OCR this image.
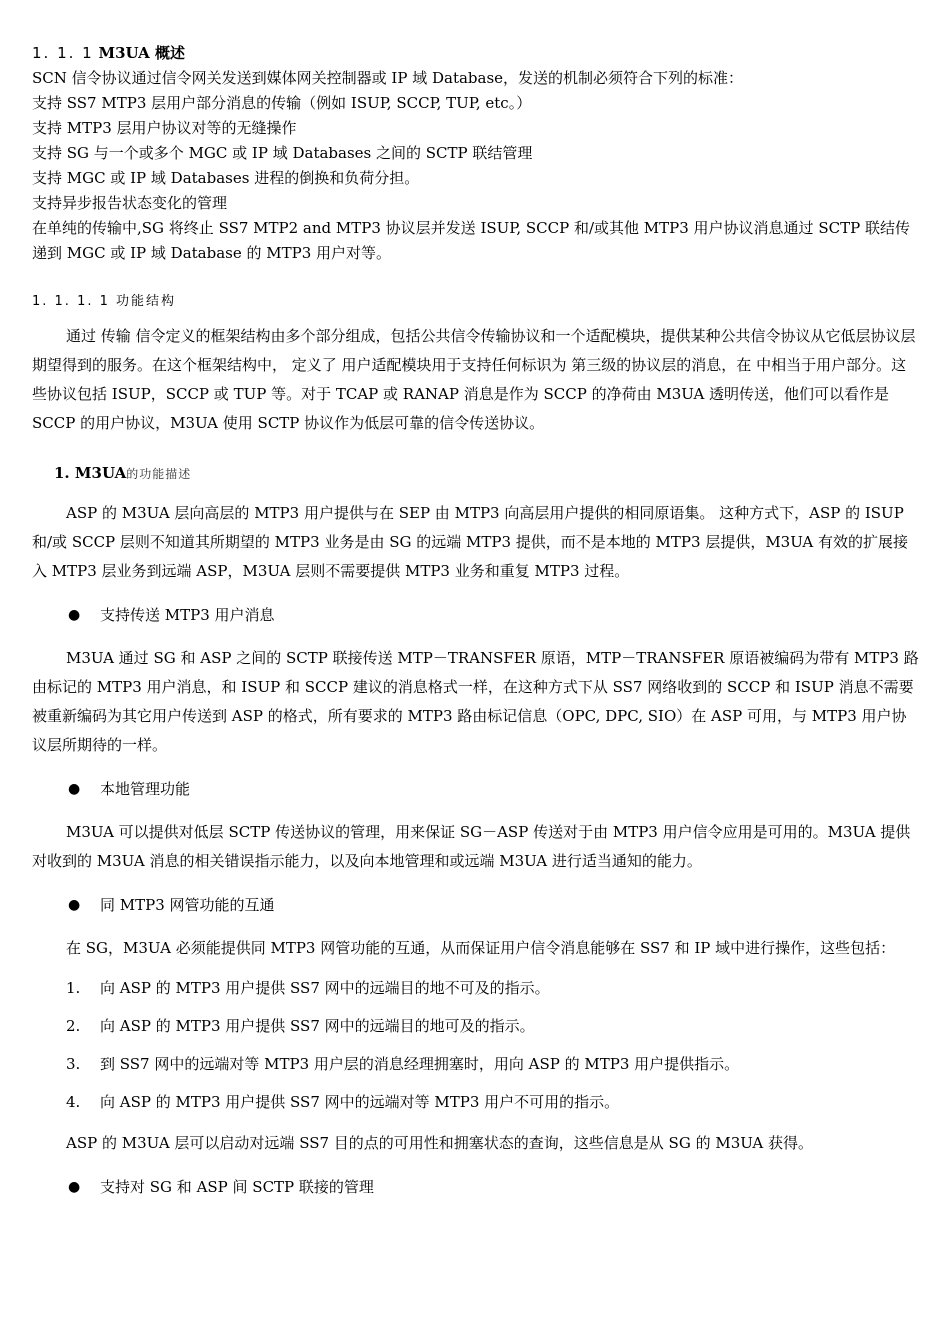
1. 1. 1 M3UA 概述

SCN 信令协议通过信令网关发送到媒体网关控制器或 IP 域 Database，发送的机制必须符合下列的标准：

支持 SS7 MTP3 层用户部分消息的传输（例如 ISUP, SCCP, TUP, etc。）

支持 MTP3 层用户协议对等的无缝操作

支持 SG 与一个或多个 MGC 或 IP 域 Databases 之间的 SCTP 联结管理

支持 MGC 或 IP 域 Databases 进程的倒换和负荷分担。

支持异步报告状态变化的管理

在单纯的传输中,SG 将终止 SS7 MTP2 and MTP3 协议层并发送 ISUP, SCCP 和/或其他 MTP3 用户协议消息通过 SCTP 联结传递到 MGC 或 IP 域 Database 的 MTP3 用户对等。

1. 1. 1. 1 功能结构

通过 传输 信令定义的框架结构由多个部分组成，包括公共信令传输协议和一个适配模块，提供某种公共信令协议从它低层协议层期望得到的服务。在这个框架结构中， 定义了 用户适配模块用于支持任何标识为 第三级的协议层的消息，在 中相当于用户部分。这些协议包括 ISUP，SCCP 或 TUP 等。对于 TCAP 或 RANAP 消息是作为 SCCP 的净荷由 M3UA 透明传送，他们可以看作是 SCCP 的用户协议，M3UA 使用 SCTP 协议作为低层可靠的信令传送协议。

1. M3UA的功能描述

ASP 的 M3UA 层向高层的 MTP3 用户提供与在 SEP 由 MTP3 向高层用户提供的相同原语集。 这种方式下，ASP 的 ISUP 和/或 SCCP 层则不知道其所期望的 MTP3 业务是由 SG 的远端 MTP3 提供，而不是本地的 MTP3 层提供，M3UA 有效的扩展接入 MTP3 层业务到远端 ASP，M3UA 层则不需要提供 MTP3 业务和重复 MTP3 过程。

● 支持传送 MTP3 用户消息

M3UA 通过 SG 和 ASP 之间的 SCTP 联接传送 MTP－TRANSFER 原语，MTP－TRANSFER 原语被编码为带有 MTP3 路由标记的 MTP3 用户消息，和 ISUP 和 SCCP 建议的消息格式一样，在这种方式下从 SS7 网络收到的 SCCP 和 ISUP 消息不需要被重新编码为其它用户传送到 ASP 的格式，所有要求的 MTP3 路由标记信息（OPC, DPC, SIO）在 ASP 可用，与 MTP3 用户协议层所期待的一样。

● 本地管理功能

M3UA 可以提供对低层 SCTP 传送协议的管理，用来保证 SG－ASP 传送对于由 MTP3 用户信令应用是可用的。M3UA 提供对收到的 M3UA 消息的相关错误指示能力，以及向本地管理和或远端 M3UA 进行适当通知的能力。

● 同 MTP3 网管功能的互通

在 SG，M3UA 必须能提供同 MTP3 网管功能的互通，从而保证用户信令消息能够在 SS7 和 IP 域中进行操作，这些包括：

1. 向 ASP 的 MTP3 用户提供 SS7 网中的远端目的地不可及的指示。
2. 向 ASP 的 MTP3 用户提供 SS7 网中的远端目的地可及的指示。
3. 到 SS7 网中的远端对等 MTP3 用户层的消息经理拥塞时，用向 ASP 的 MTP3 用户提供指示。
4. 向 ASP 的 MTP3 用户提供 SS7 网中的远端对等 MTP3 用户不可用的指示。

ASP 的 M3UA 层可以启动对远端 SS7 目的点的可用性和拥塞状态的查询，这些信息是从 SG 的 M3UA 获得。

● 支持对 SG 和 ASP 间 SCTP 联接的管理
